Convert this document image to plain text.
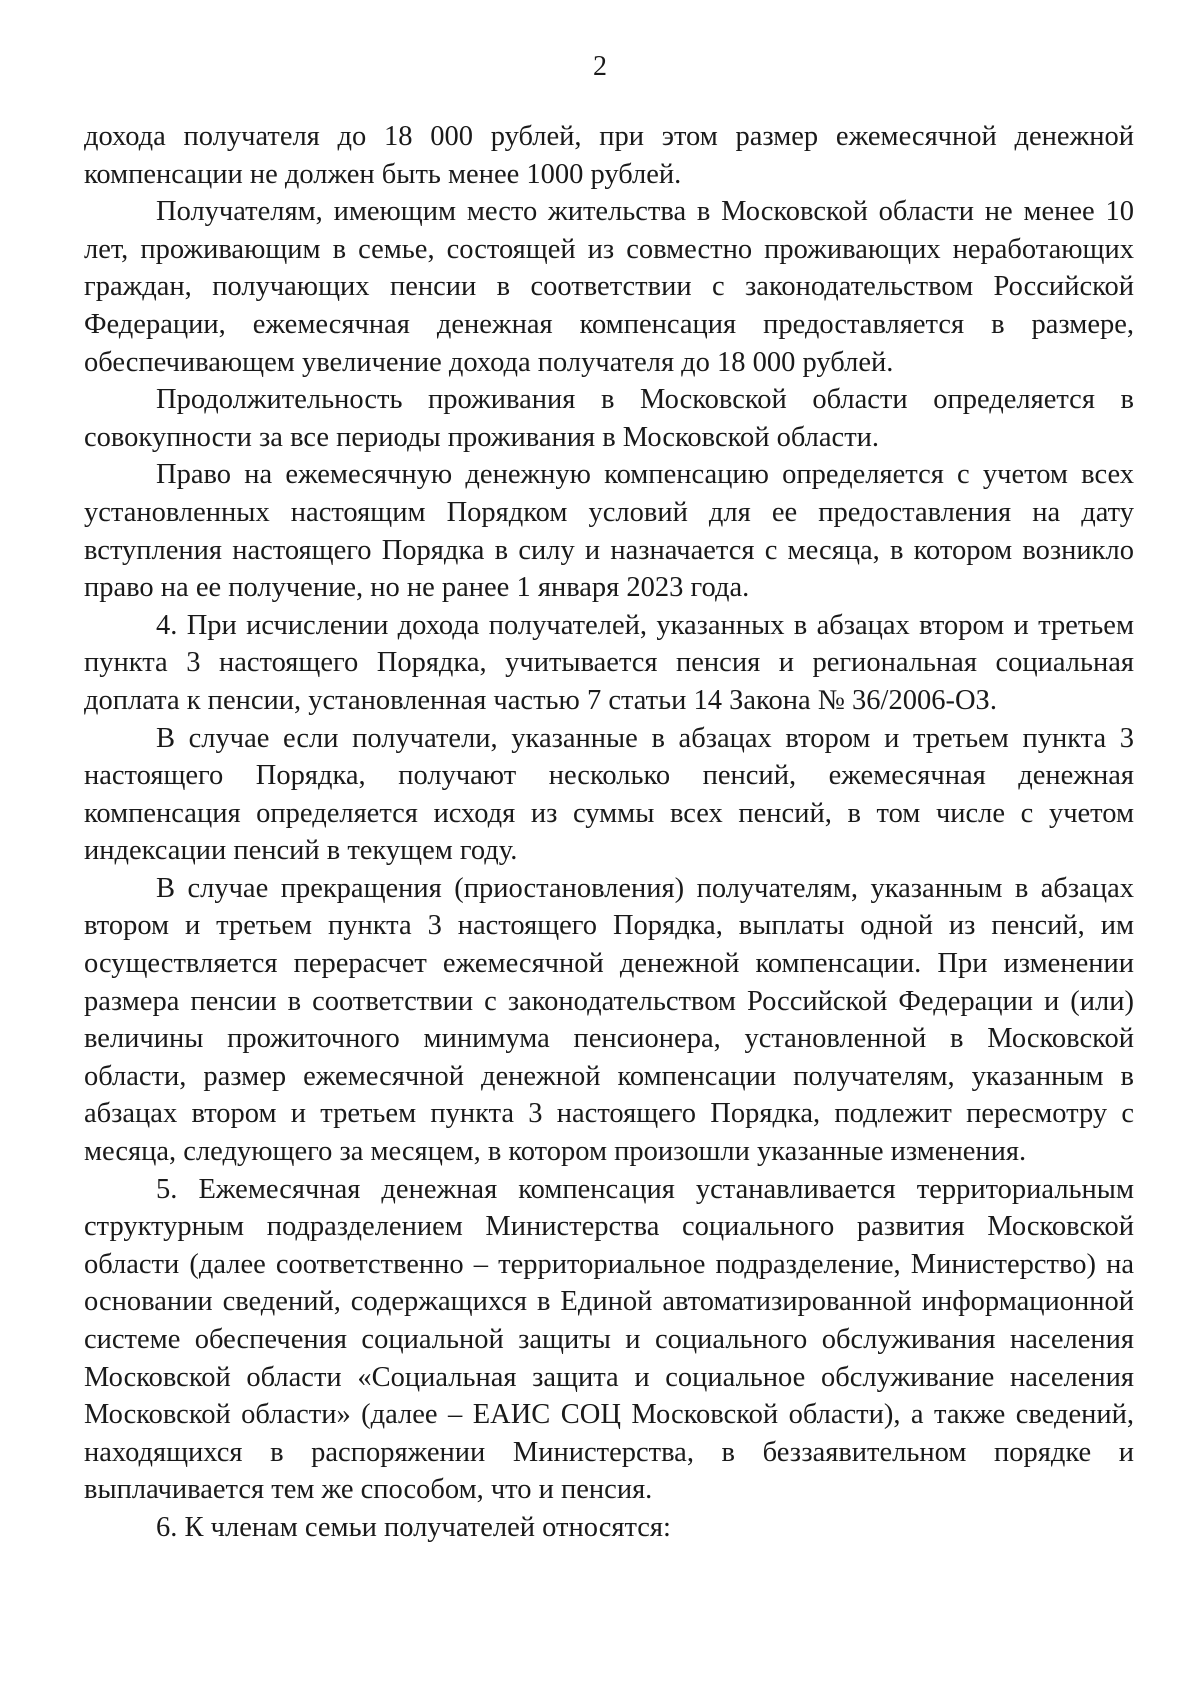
2

дохода получателя до 18 000 рублей, при этом размер ежемесячной денежной компенсации не должен быть менее 1000 рублей.

Получателям, имеющим место жительства в Московской области не менее 10 лет, проживающим в семье, состоящей из совместно проживающих неработающих граждан, получающих пенсии в соответствии с законодательством Российской Федерации, ежемесячная денежная компенсация предоставляется в размере, обеспечивающем увеличение дохода получателя до 18 000 рублей.

Продолжительность проживания в Московской области определяется в совокупности за все периоды проживания в Московской области.

Право на ежемесячную денежную компенсацию определяется с учетом всех установленных настоящим Порядком условий для ее предоставления на дату вступления настоящего Порядка в силу и назначается с месяца, в котором возникло право на ее получение, но не ранее 1 января 2023 года.

4. При исчислении дохода получателей, указанных в абзацах втором и третьем пункта 3 настоящего Порядка, учитывается пенсия и региональная социальная доплата к пенсии, установленная частью 7 статьи 14 Закона № 36/2006-ОЗ.

В случае если получатели, указанные в абзацах втором и третьем пункта 3 настоящего Порядка, получают несколько пенсий, ежемесячная денежная компенсация определяется исходя из суммы всех пенсий, в том числе с учетом индексации пенсий в текущем году.

В случае прекращения (приостановления) получателям, указанным в абзацах втором и третьем пункта 3 настоящего Порядка, выплаты одной из пенсий, им осуществляется перерасчет ежемесячной денежной компенсации. При изменении размера пенсии в соответствии с законодательством Российской Федерации и (или) величины прожиточного минимума пенсионера, установленной в Московской области, размер ежемесячной денежной компенсации получателям, указанным в абзацах втором и третьем пункта 3 настоящего Порядка, подлежит пересмотру с месяца, следующего за месяцем, в котором произошли указанные изменения.

5. Ежемесячная денежная компенсация устанавливается территориальным структурным подразделением Министерства социального развития Московской области (далее соответственно – территориальное подразделение, Министерство) на основании сведений, содержащихся в Единой автоматизированной информационной системе обеспечения социальной защиты и социального обслуживания населения Московской области «Социальная защита и социальное обслуживание населения Московской области» (далее – ЕАИС СОЦ Московской области), а также сведений, находящихся в распоряжении Министерства, в беззаявительном порядке и выплачивается тем же способом, что и пенсия.

6. К членам семьи получателей относятся:
